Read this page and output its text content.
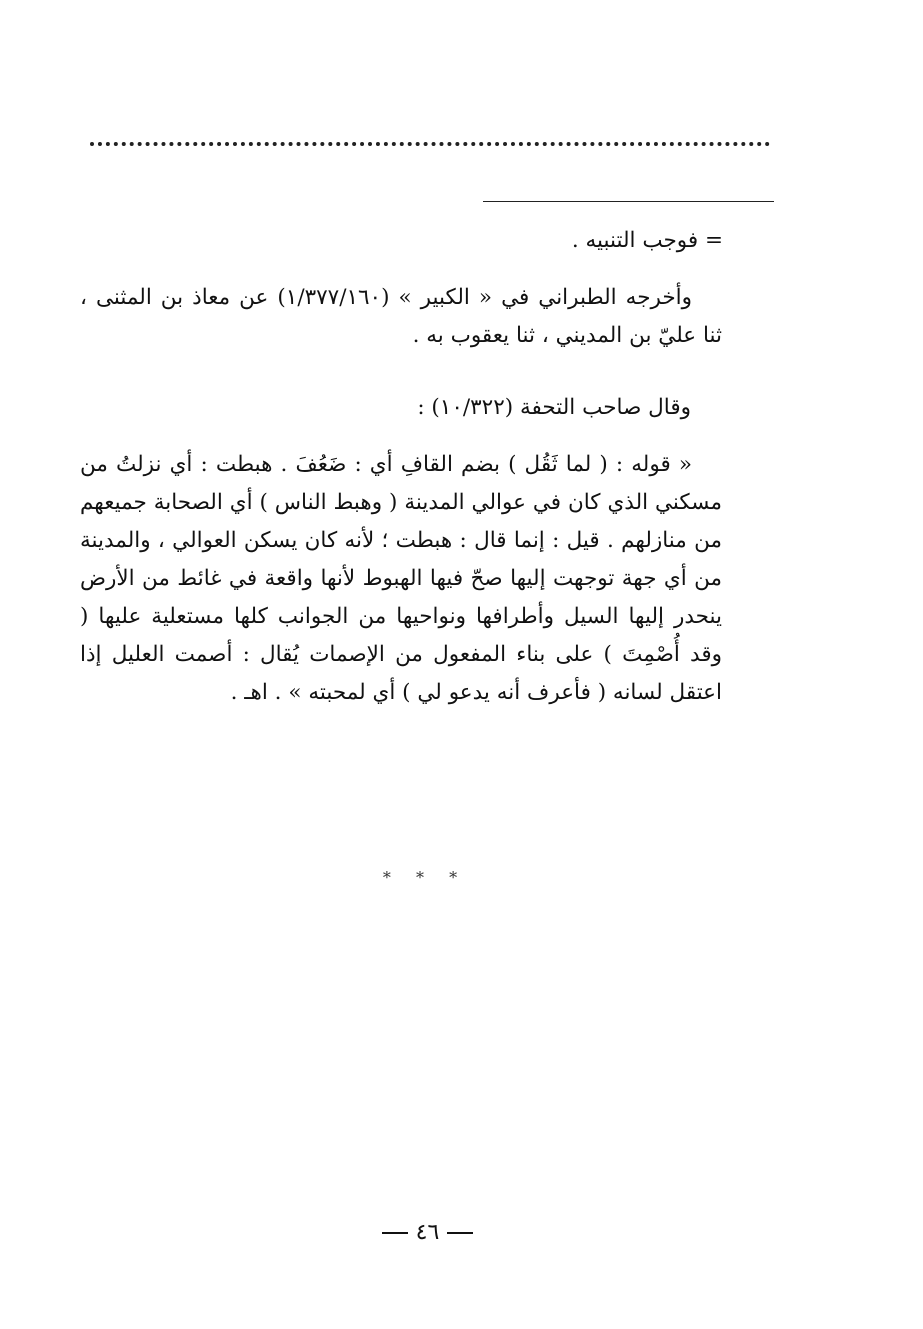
= فوجب التنبيه .

وأخرجه الطبراني في « الكبير » (١/٣٧٧/١٦٠) عن معاذ بن المثنى ، ثنا عليّ بن المديني ، ثنا يعقوب به .

وقال صاحب التحفة (١٠/٣٢٢) :

« قوله : ( لما ثَقُل ) بضم القافِ أي : ضَعُفَ . هبطت : أي نزلتُ من مسكني الذي كان في عوالي المدينة ( وهبط الناس ) أي الصحابة جميعهم من منازلهم . قيل : إنما قال : هبطت ؛ لأنه كان يسكن العوالي ، والمدينة من أي جهة توجهت إليها صحّ فيها الهبوط لأنها واقعة في غائط من الأرض ينحدر إليها السيل وأطرافها ونواحيها من الجوانب كلها مستعلية عليها ( وقد أُصْمِتَ ) على بناء المفعول من الإصمات يُقال : أصمت العليل إذا اعتقل لسانه ( فأعرف أنه يدعو لي ) أي لمحبته » . اهـ .

* * *
٤٦
